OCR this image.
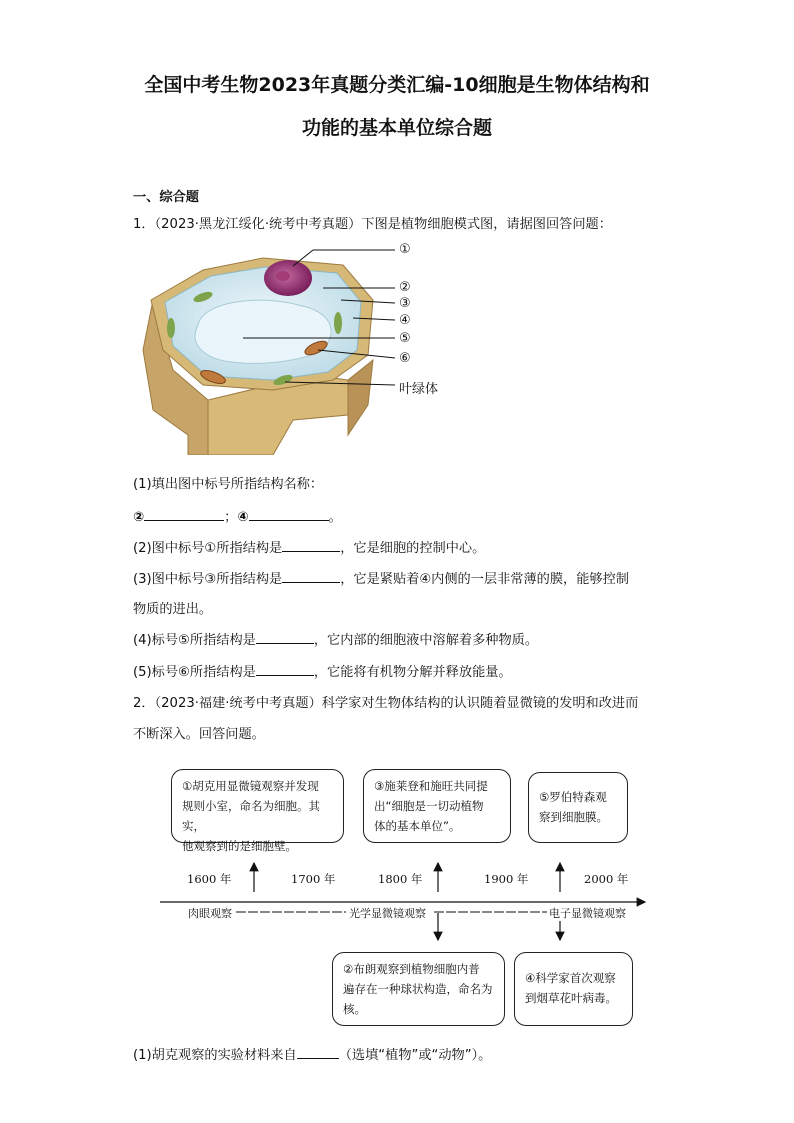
全国中考生物2023年真题分类汇编-10细胞是生物体结构和
功能的基本单位综合题
一、综合题
1．（2023·黑龙江绥化·统考中考真题）下图是植物细胞模式图，请据图回答问题：
①
②
③
④
⑤
⑥
叶绿体
(1)填出图中标号所指结构名称：
②	；④	。
(2)图中标号①所指结构是	，它是细胞的控制中心。
(3)图中标号③所指结构是	，它是紧贴着④内侧的一层非常薄的膜，能够控制
物质的进出。
(4)标号⑤所指结构是	，它内部的细胞液中溶解着多种物质。
(5)标号⑥所指结构是	，它能将有机物分解并释放能量。
2．（2023·福建·统考中考真题）科学家对生物体结构的认识随着显微镜的发明和改进而
不断深入。回答问题。
①胡克用显微镜观察并发现
规则小室，命名为细胞。其实，
他观察到的是细胞壁。
③施莱登和施旺共同提
出“细胞是一切动植物
体的基本单位”。
⑤罗伯特森观
察到细胞膜。
1600 年	1700 年	1800 年	1900 年	2000 年
肉眼观察	光学显微镜观察	电子显微镜观察
②布朗观察到植物细胞内普
遍存在一种球状构造，命名为
核。
④科学家首次观察
到烟草花叶病毒。
(1)胡克观察的实验材料来自	（选填“植物”或“动物”）。
